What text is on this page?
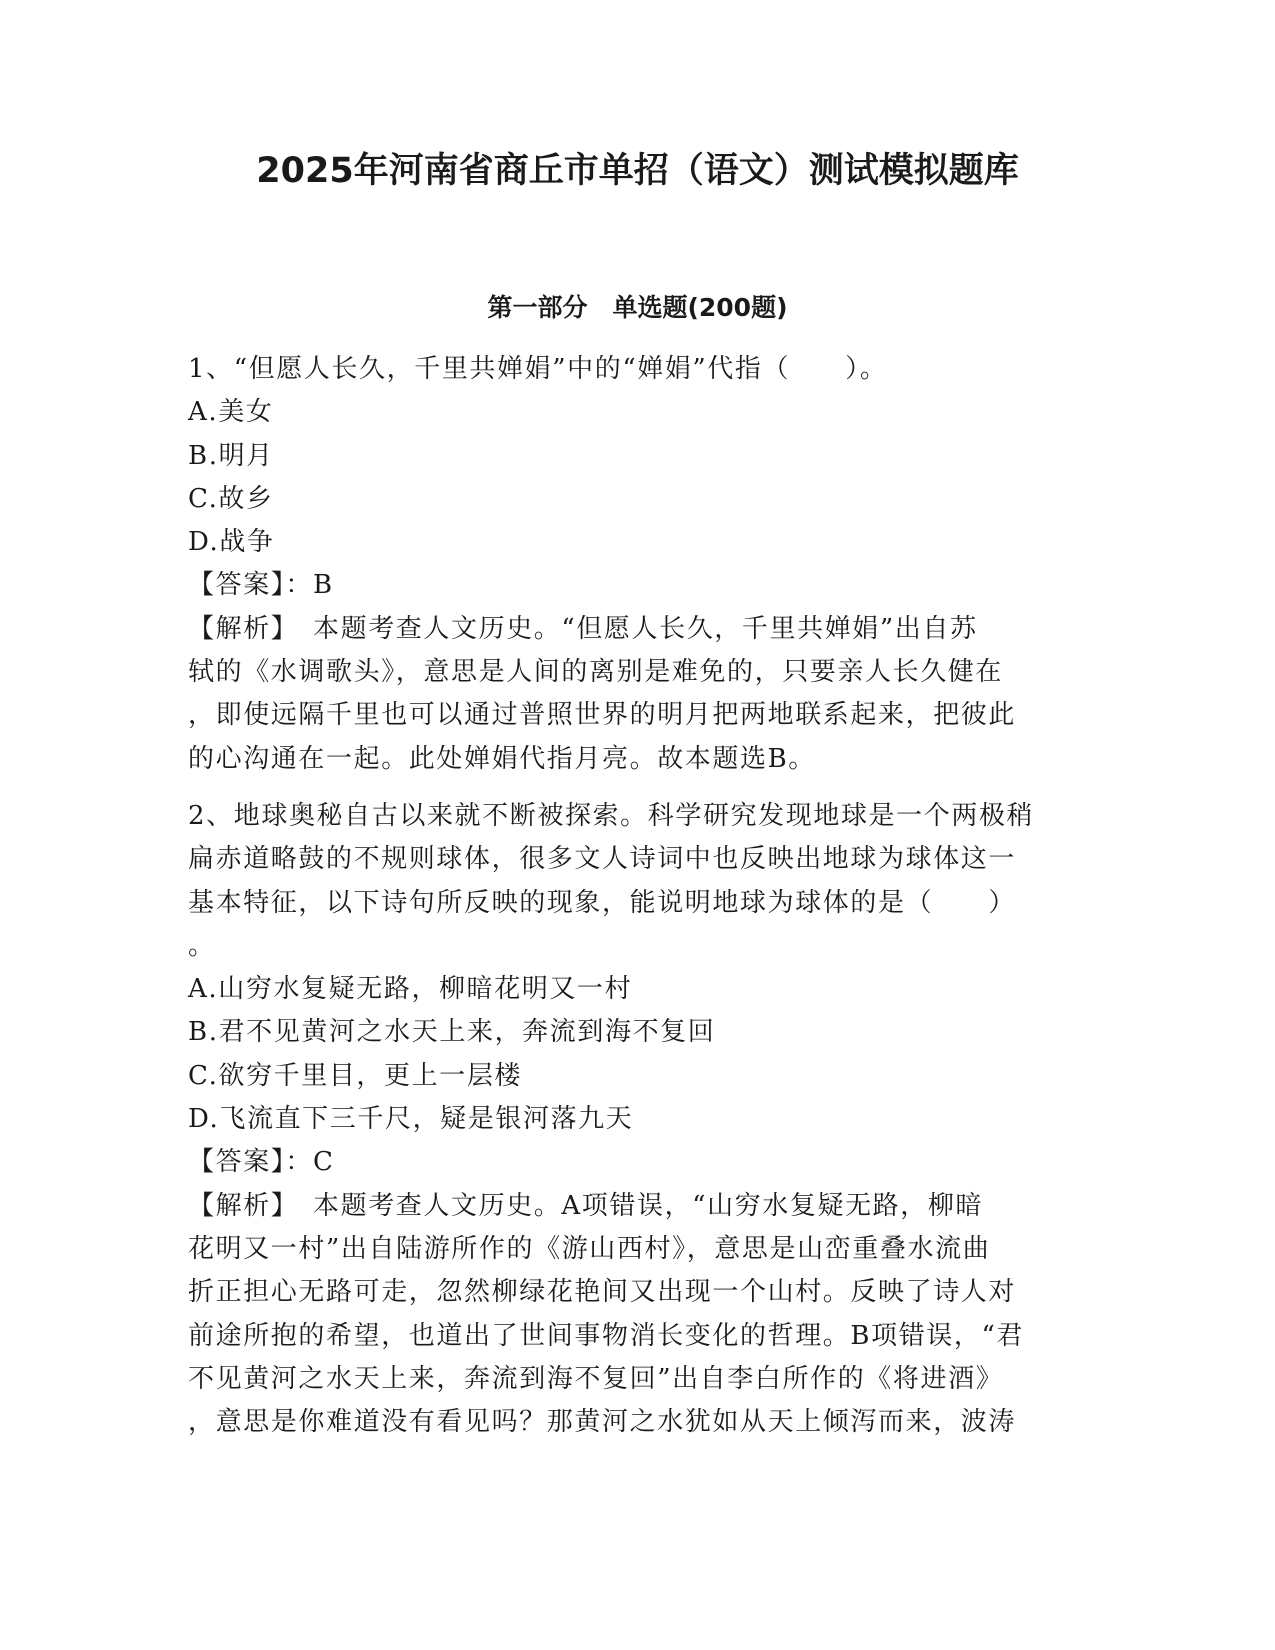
2025年河南省商丘市单招（语文）测试模拟题库
第一部分　单选题(200题)

1、“但愿人长久，千里共婵娟”中的“婵娟”代指（　　）。

A.美女

B.明月

C.故乡

D.战争

【答案】：B

【解析】　本题考查人文历史。“但愿人长久，千里共婵娟”出自苏

轼的《水调歌头》，意思是人间的离别是难免的，只要亲人长久健在

，即使远隔千里也可以通过普照世界的明月把两地联系起来，把彼此

的心沟通在一起。此处婵娟代指月亮。故本题选B。

2、地球奥秘自古以来就不断被探索。科学研究发现地球是一个两极稍

扁赤道略鼓的不规则球体，很多文人诗词中也反映出地球为球体这一

基本特征，以下诗句所反映的现象，能说明地球为球体的是（　　）

。

A.山穷水复疑无路，柳暗花明又一村

B.君不见黄河之水天上来，奔流到海不复回

C.欲穷千里目，更上一层楼

D.飞流直下三千尺，疑是银河落九天

【答案】：C

【解析】　本题考查人文历史。A项错误，“山穷水复疑无路，柳暗

花明又一村”出自陆游所作的《游山西村》，意思是山峦重叠水流曲

折正担心无路可走，忽然柳绿花艳间又出现一个山村。反映了诗人对

前途所抱的希望，也道出了世间事物消长变化的哲理。B项错误，“君

不见黄河之水天上来，奔流到海不复回”出自李白所作的《将进酒》

，意思是你难道没有看见吗？那黄河之水犹如从天上倾泻而来，波涛
